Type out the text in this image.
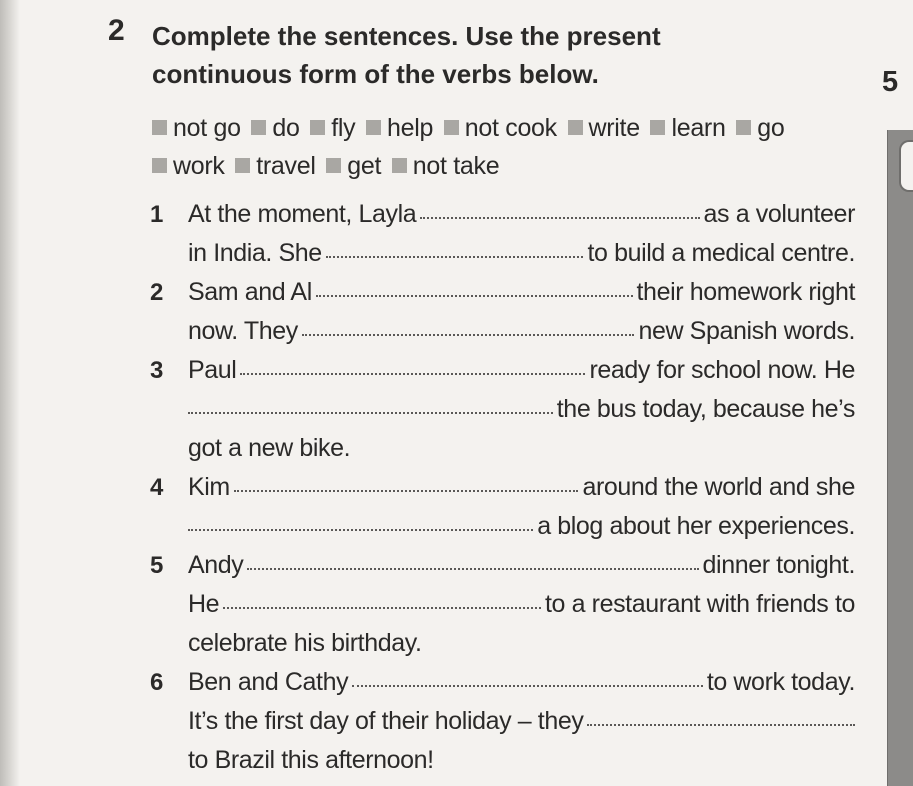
5
2 Complete the sentences. Use the present
continuous form of the verbs below.
not go do fly help not cook write learn go
work travel get not take
1 At the moment, Layla	as a volunteer
in India. She	to build a medical centre.
2 Sam and Al	their homework right
now. They	new Spanish words.
3 Paul	ready for school now. He
the bus today, because he’s
got a new bike.
4 Kim	around the world and she
a blog about her experiences.
5 Andy	dinner tonight.
He	to a restaurant with friends to
celebrate his birthday.
6 Ben and Cathy	to work today.
It’s the first day of their holiday – they
to Brazil this afternoon!
